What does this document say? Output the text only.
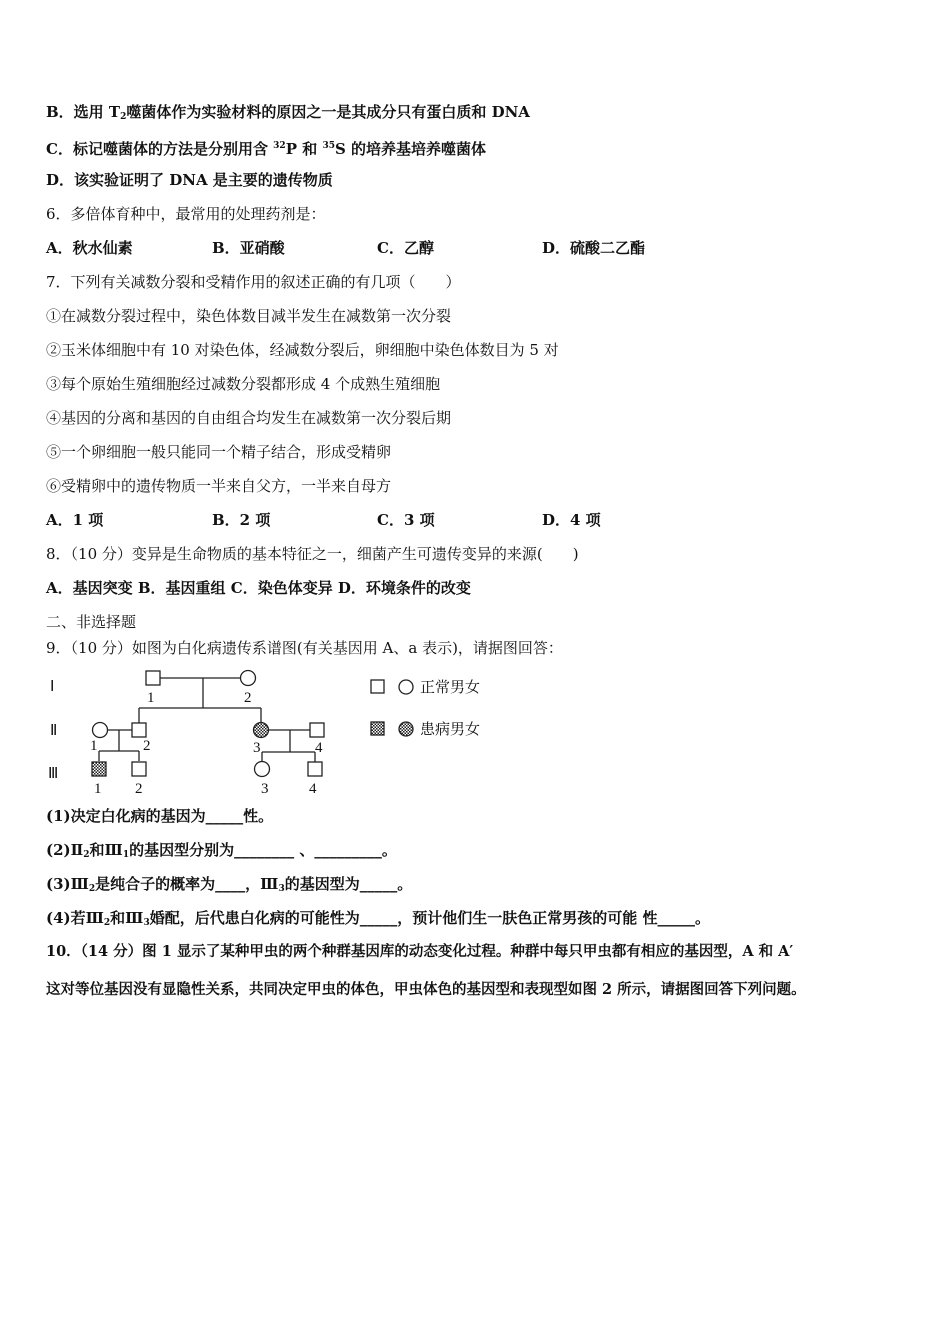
B．选用 $T_2$噬菌体作为实验材料的原因之一是其成分只有蛋白质和 DNA
C．标记噬菌体的方法是分别用含 $^{32}$P 和 $^{35}$S 的培养基培养噬菌体
D．该实验证明了 DNA 是主要的遗传物质
6．多倍体育种中，最常用的处理药剂是：
A．秋水仙素	B．亚硝酸	C．乙醇	D．硫酸二乙酯
7．下列有关减数分裂和受精作用的叙述正确的有几项（　　）
①在减数分裂过程中，染色体数目减半发生在减数第一次分裂
②玉米体细胞中有 10 对染色体，经减数分裂后，卵细胞中染色体数目为 5 对
③每个原始生殖细胞经过减数分裂都形成 4 个成熟生殖细胞
④基因的分离和基因的自由组合均发生在减数第一次分裂后期
⑤一个卵细胞一般只能同一个精子结合，形成受精卵
⑥受精卵中的遗传物质一半来自父方，一半来自母方
A．1 项	B．2 项	C．3 项	D．4 项
8．（10 分）变异是生命物质的基本特征之一，细菌产生可遗传变异的来源(　　)
A．基因突变 B．基因重组 C．染色体变异 D．环境条件的改变
二、非选择题
9．（10 分）如图为白化病遗传系谱图(有关基因用 A、a 表示)，请据图回答：
Ⅰ
Ⅱ
Ⅲ
1	2
1	2	3	4
1 2	3	4
正常男女
患病男女
(1)决定白化病的基因为_____性。
$(2)Ⅱ_2$和$Ⅲ_1$的基因型分别为________ 、_________。
$(3)Ⅲ_2$是纯合子的概率为____，$Ⅲ_3$的基因型为_____。
(4)若$Ⅲ_2$和$Ⅲ_3$婚配，后代患白化病的可能性为_____，预计他们生一肤色正常男孩的可能 性_____。
10．（14 分）图 1 显示了某种甲虫的两个种群基因库的动态变化过程。种群中每只甲虫都有相应的基因型，A 和 A′
这对等位基因没有显隐性关系，共同决定甲虫的体色，甲虫体色的基因型和表现型如图 2 所示，请据图回答下列问题。
